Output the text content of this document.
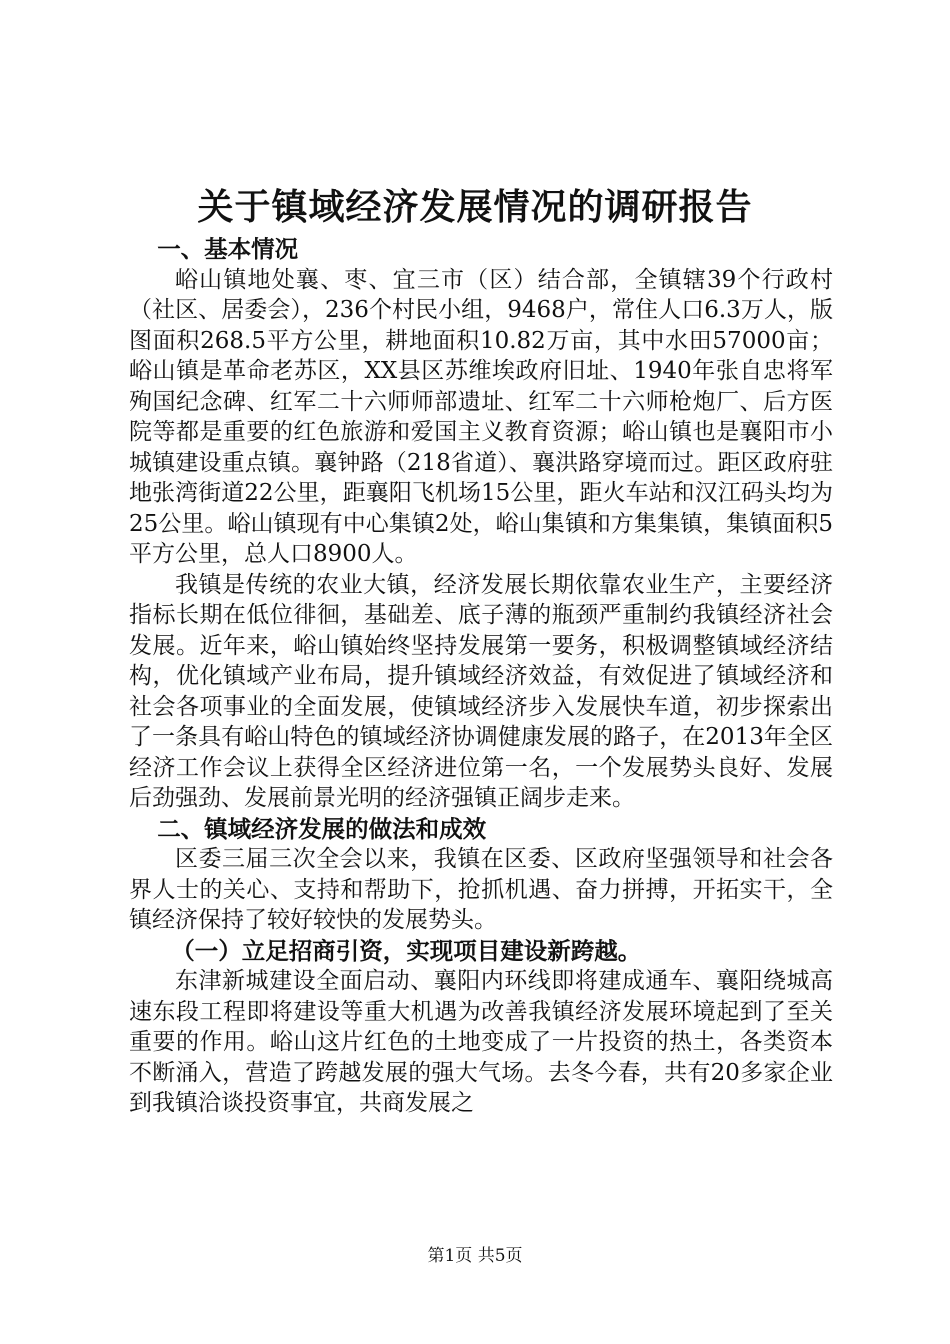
关于镇域经济发展情况的调研报告
一、基本情况

峪山镇地处襄、枣、宜三市（区）结合部，全镇辖39个行政村（社区、居委会），236个村民小组，9468户，常住人口6.3万人，版图面积268.5平方公里，耕地面积10.82万亩，其中水田57000亩；峪山镇是革命老苏区，XX县区苏维埃政府旧址、1940年张自忠将军殉国纪念碑、红军二十六师师部遗址、红军二十六师枪炮厂、后方医院等都是重要的红色旅游和爱国主义教育资源；峪山镇也是襄阳市小城镇建设重点镇。襄钟路（218省道）、襄洪路穿境而过。距区政府驻地张湾街道22公里，距襄阳飞机场15公里，距火车站和汉江码头均为25公里。峪山镇现有中心集镇2处，峪山集镇和方集集镇，集镇面积5平方公里，总人口8900人。

我镇是传统的农业大镇，经济发展长期依靠农业生产，主要经济指标长期在低位徘徊，基础差、底子薄的瓶颈严重制约我镇经济社会发展。近年来，峪山镇始终坚持发展第一要务，积极调整镇域经济结构，优化镇域产业布局，提升镇域经济效益，有效促进了镇域经济和社会各项事业的全面发展，使镇域经济步入发展快车道，初步探索出了一条具有峪山特色的镇域经济协调健康发展的路子，在2013年全区经济工作会议上获得全区经济进位第一名，一个发展势头良好、发展后劲强劲、发展前景光明的经济强镇正阔步走来。

二、镇域经济发展的做法和成效

区委三届三次全会以来，我镇在区委、区政府坚强领导和社会各界人士的关心、支持和帮助下，抢抓机遇、奋力拼搏，开拓实干，全镇经济保持了较好较快的发展势头。

（一）立足招商引资，实现项目建设新跨越。

东津新城建设全面启动、襄阳内环线即将建成通车、襄阳绕城高速东段工程即将建设等重大机遇为改善我镇经济发展环境起到了至关重要的作用。峪山这片红色的土地变成了一片投资的热土，各类资本不断涌入，营造了跨越发展的强大气场。去冬今春，共有20多家企业到我镇洽谈投资事宜，共商发展之

第1页 共5页
